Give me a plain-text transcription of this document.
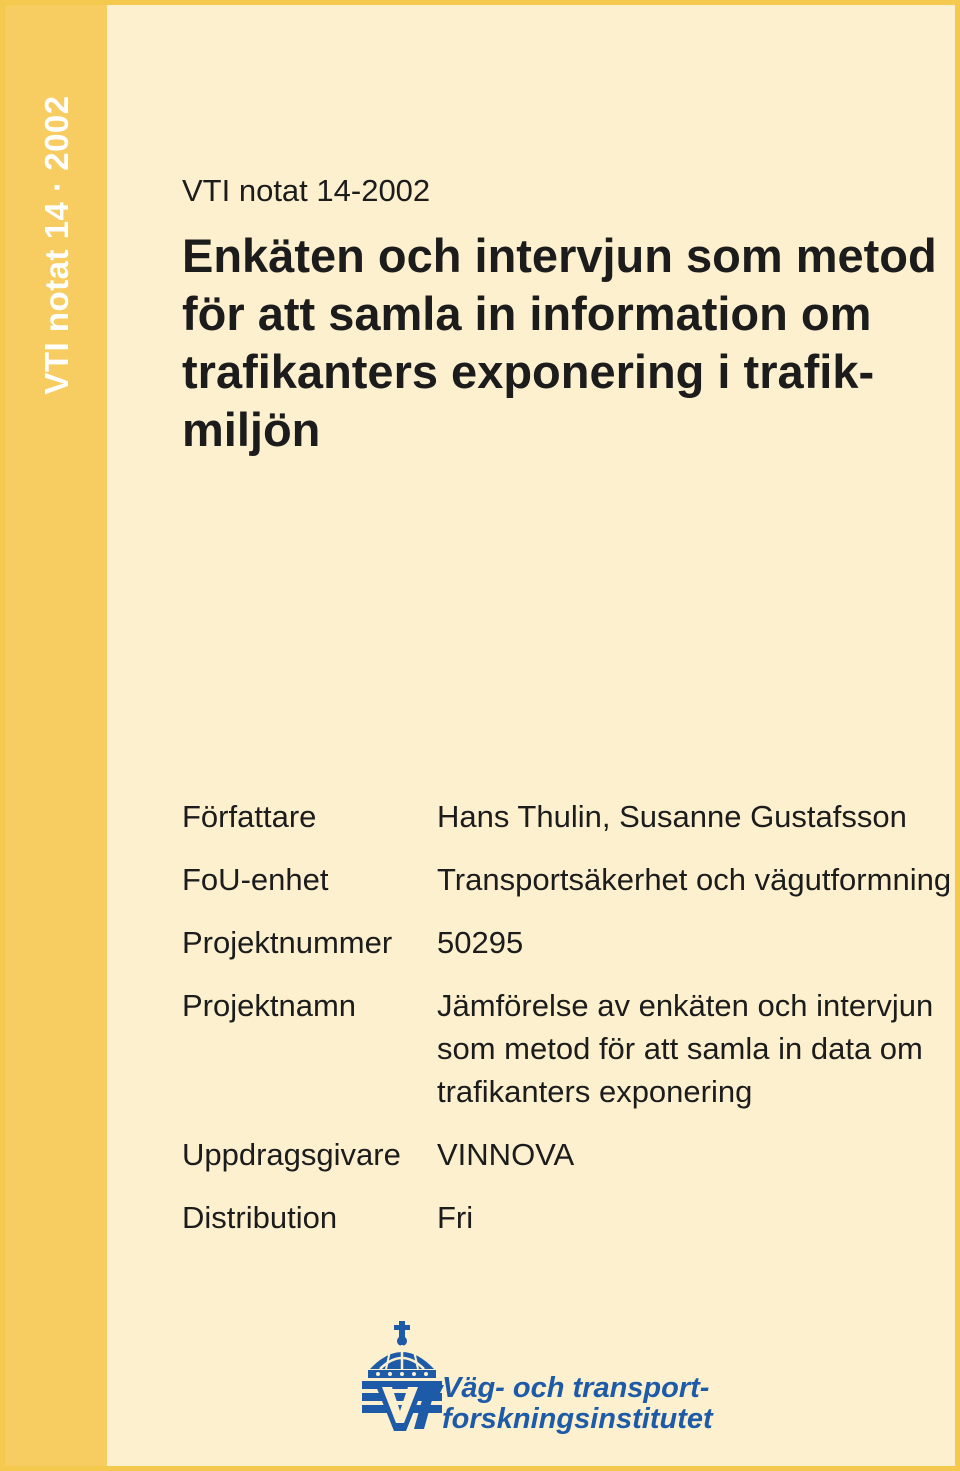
VTI notat 14 · 2002	VTI notat 14-2002
Enkäten och intervjun som metod
för att samla in information om
trafikanters exponering i trafik-
miljön
Författare	Hans Thulin, Susanne Gustafsson
FoU-enhet	Transportsäkerhet och vägutformning
Projektnummer	50295
Projektnamn	Jämförelse av enkäten och intervjun
som metod för att samla in data om
trafikanters exponering
Uppdragsgivare	VINNOVA
Distribution	Fri
Väg- och transport-
forskningsinstitutet
